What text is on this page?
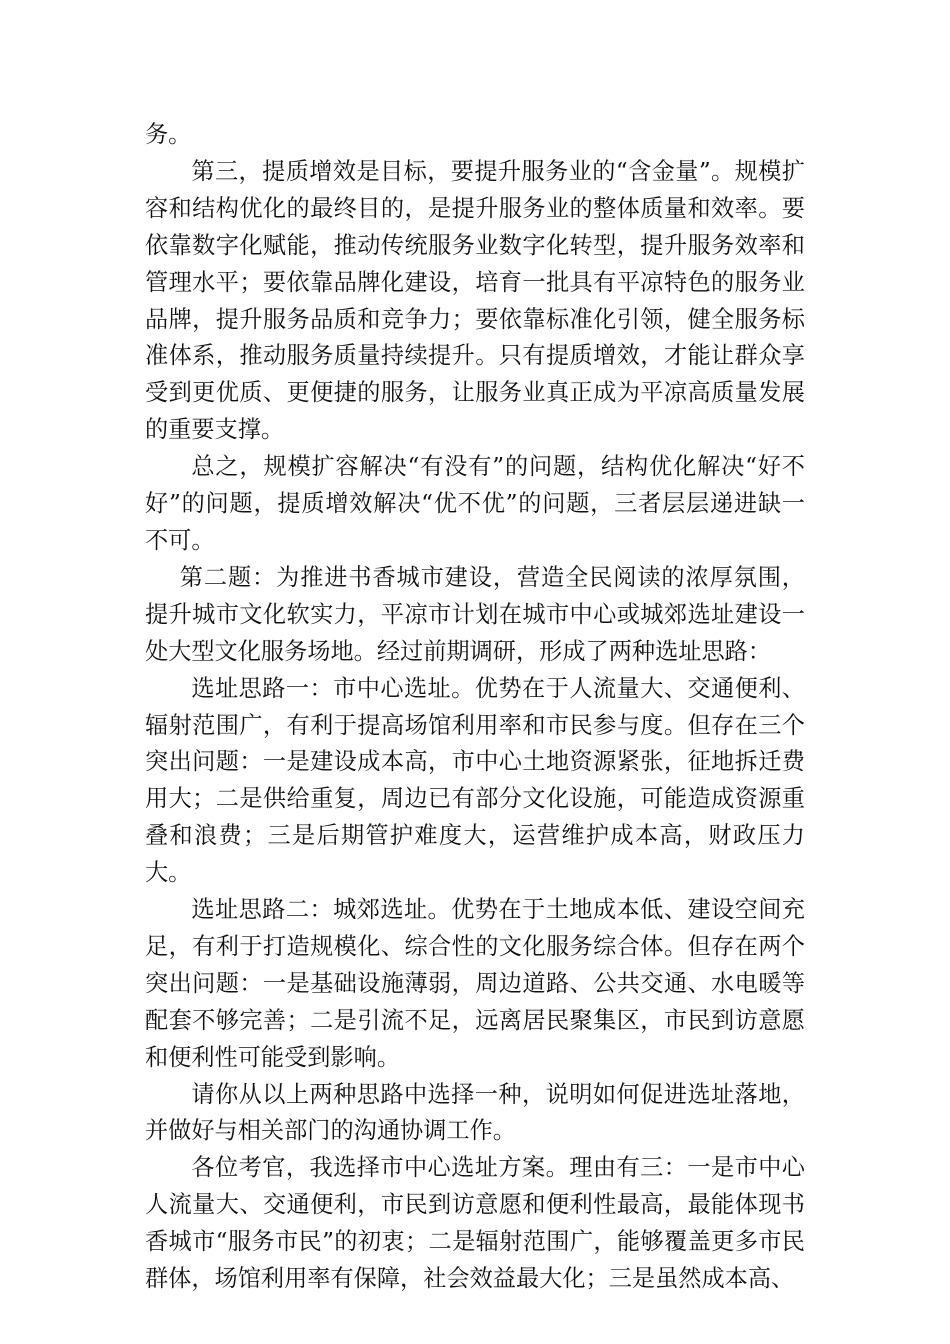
务。

第三，提质增效是目标，要提升服务业的“含金量”。规模扩容和结构优化的最终目的，是提升服务业的整体质量和效率。要依靠数字化赋能，推动传统服务业数字化转型，提升服务效率和管理水平；要依靠品牌化建设，培育一批具有平凉特色的服务业品牌，提升服务品质和竞争力；要依靠标准化引领，健全服务标准体系，推动服务质量持续提升。只有提质增效，才能让群众享受到更优质、更便捷的服务，让服务业真正成为平凉高质量发展的重要支撑。

总之，规模扩容解决“有没有”的问题，结构优化解决“好不好”的问题，提质增效解决“优不优”的问题，三者层层递进缺一不可。

第二题：为推进书香城市建设，营造全民阅读的浓厚氛围，提升城市文化软实力，平凉市计划在城市中心或城郊选址建设一处大型文化服务场地。经过前期调研，形成了两种选址思路：

选址思路一：市中心选址。优势在于人流量大、交通便利、辐射范围广，有利于提高场馆利用率和市民参与度。但存在三个突出问题：一是建设成本高，市中心土地资源紧张，征地拆迁费用大；二是供给重复，周边已有部分文化设施，可能造成资源重叠和浪费；三是后期管护难度大，运营维护成本高，财政压力大。

选址思路二：城郊选址。优势在于土地成本低、建设空间充足，有利于打造规模化、综合性的文化服务综合体。但存在两个突出问题：一是基础设施薄弱，周边道路、公共交通、水电暖等配套不够完善；二是引流不足，远离居民聚集区，市民到访意愿和便利性可能受到影响。

请你从以上两种思路中选择一种，说明如何促进选址落地，并做好与相关部门的沟通协调工作。

各位考官，我选择市中心选址方案。理由有三：一是市中心人流量大、交通便利，市民到访意愿和便利性最高，最能体现书香城市“服务市民”的初衷；二是辐射范围广，能够覆盖更多市民群体，场馆利用率有保障，社会效益最大化；三是虽然成本高、
